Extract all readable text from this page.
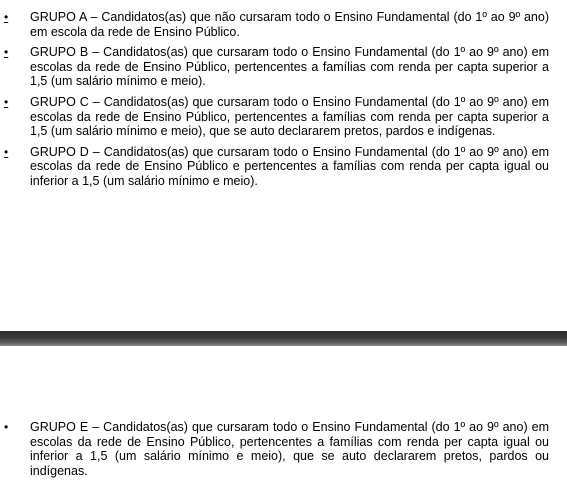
• GRUPO A – Candidatos(as) que não cursaram todo o Ensino Fundamental (do 1º ao 9º ano) em escola da rede de Ensino Público.
• GRUPO B – Candidatos(as) que cursaram todo o Ensino Fundamental (do 1º ao 9º ano) em escolas da rede de Ensino Público, pertencentes a famílias com renda per capta superior a 1,5 (um salário mínimo e meio).
• GRUPO C – Candidatos(as) que cursaram todo o Ensino Fundamental (do 1º ao 9º ano) em escolas da rede de Ensino Público, pertencentes a famílias com renda per capta superior a 1,5 (um salário mínimo e meio), que se auto declararem pretos, pardos e indígenas.
• GRUPO D – Candidatos(as) que cursaram todo o Ensino Fundamental (do 1º ao 9º ano) em escolas da rede de Ensino Público e pertencentes a famílias com renda per capta igual ou inferior a 1,5 (um salário mínimo e meio).
• GRUPO E – Candidatos(as) que cursaram todo o Ensino Fundamental (do 1º ao 9º ano) em escolas da rede de Ensino Público, pertencentes a famílias com renda per capta igual ou inferior a 1,5 (um salário mínimo e meio), que se auto declararem pretos, pardos ou indígenas.
